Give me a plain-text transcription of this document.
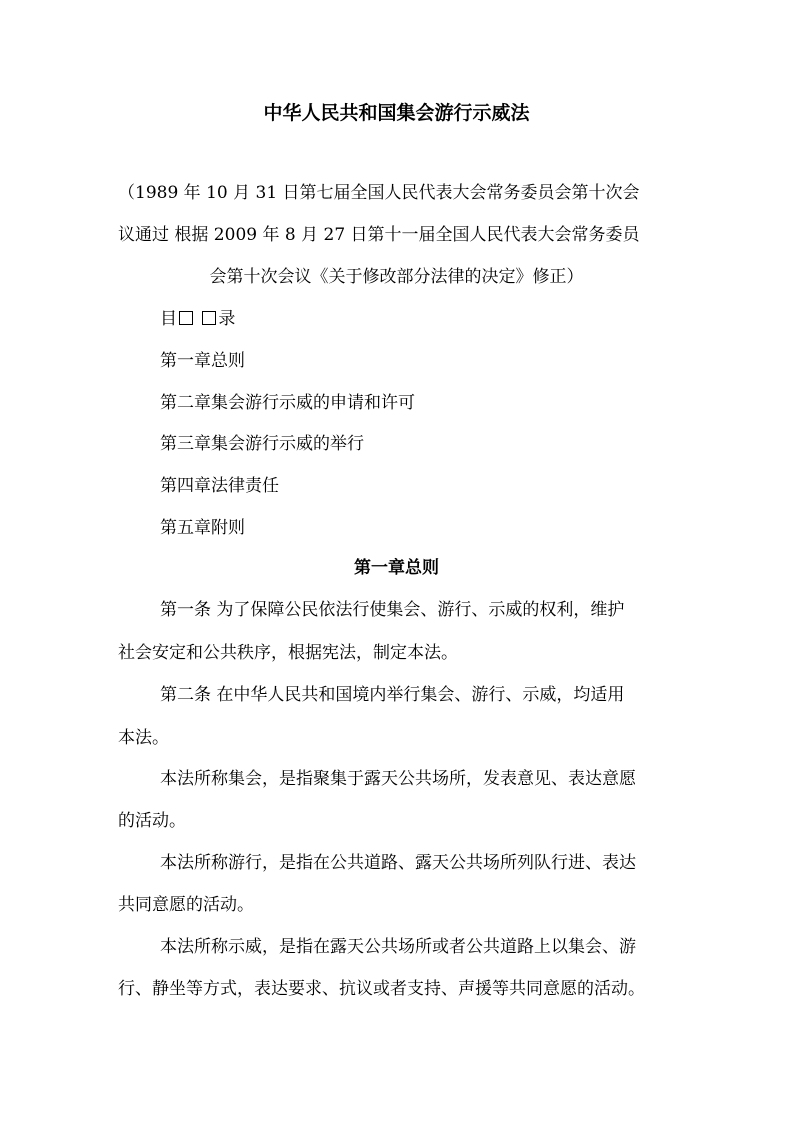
中华人民共和国集会游行示威法
（1989 年 10 月 31 日第七届全国人民代表大会常务委员会第十次会
议通过 根据 2009 年 8 月 27 日第十一届全国人民代表大会常务委员
会第十次会议《关于修改部分法律的决定》修正）
目 录
第一章总则
第二章集会游行示威的申请和许可
第三章集会游行示威的举行
第四章法律责任
第五章附则
第一章总则
第一条 为了保障公民依法行使集会、游行、示威的权利，维护
社会安定和公共秩序，根据宪法，制定本法。
第二条 在中华人民共和国境内举行集会、游行、示威，均适用
本法。
本法所称集会，是指聚集于露天公共场所，发表意见、表达意愿
的活动。
本法所称游行，是指在公共道路、露天公共场所列队行进、表达
共同意愿的活动。
本法所称示威，是指在露天公共场所或者公共道路上以集会、游
行、静坐等方式，表达要求、抗议或者支持、声援等共同意愿的活动。
